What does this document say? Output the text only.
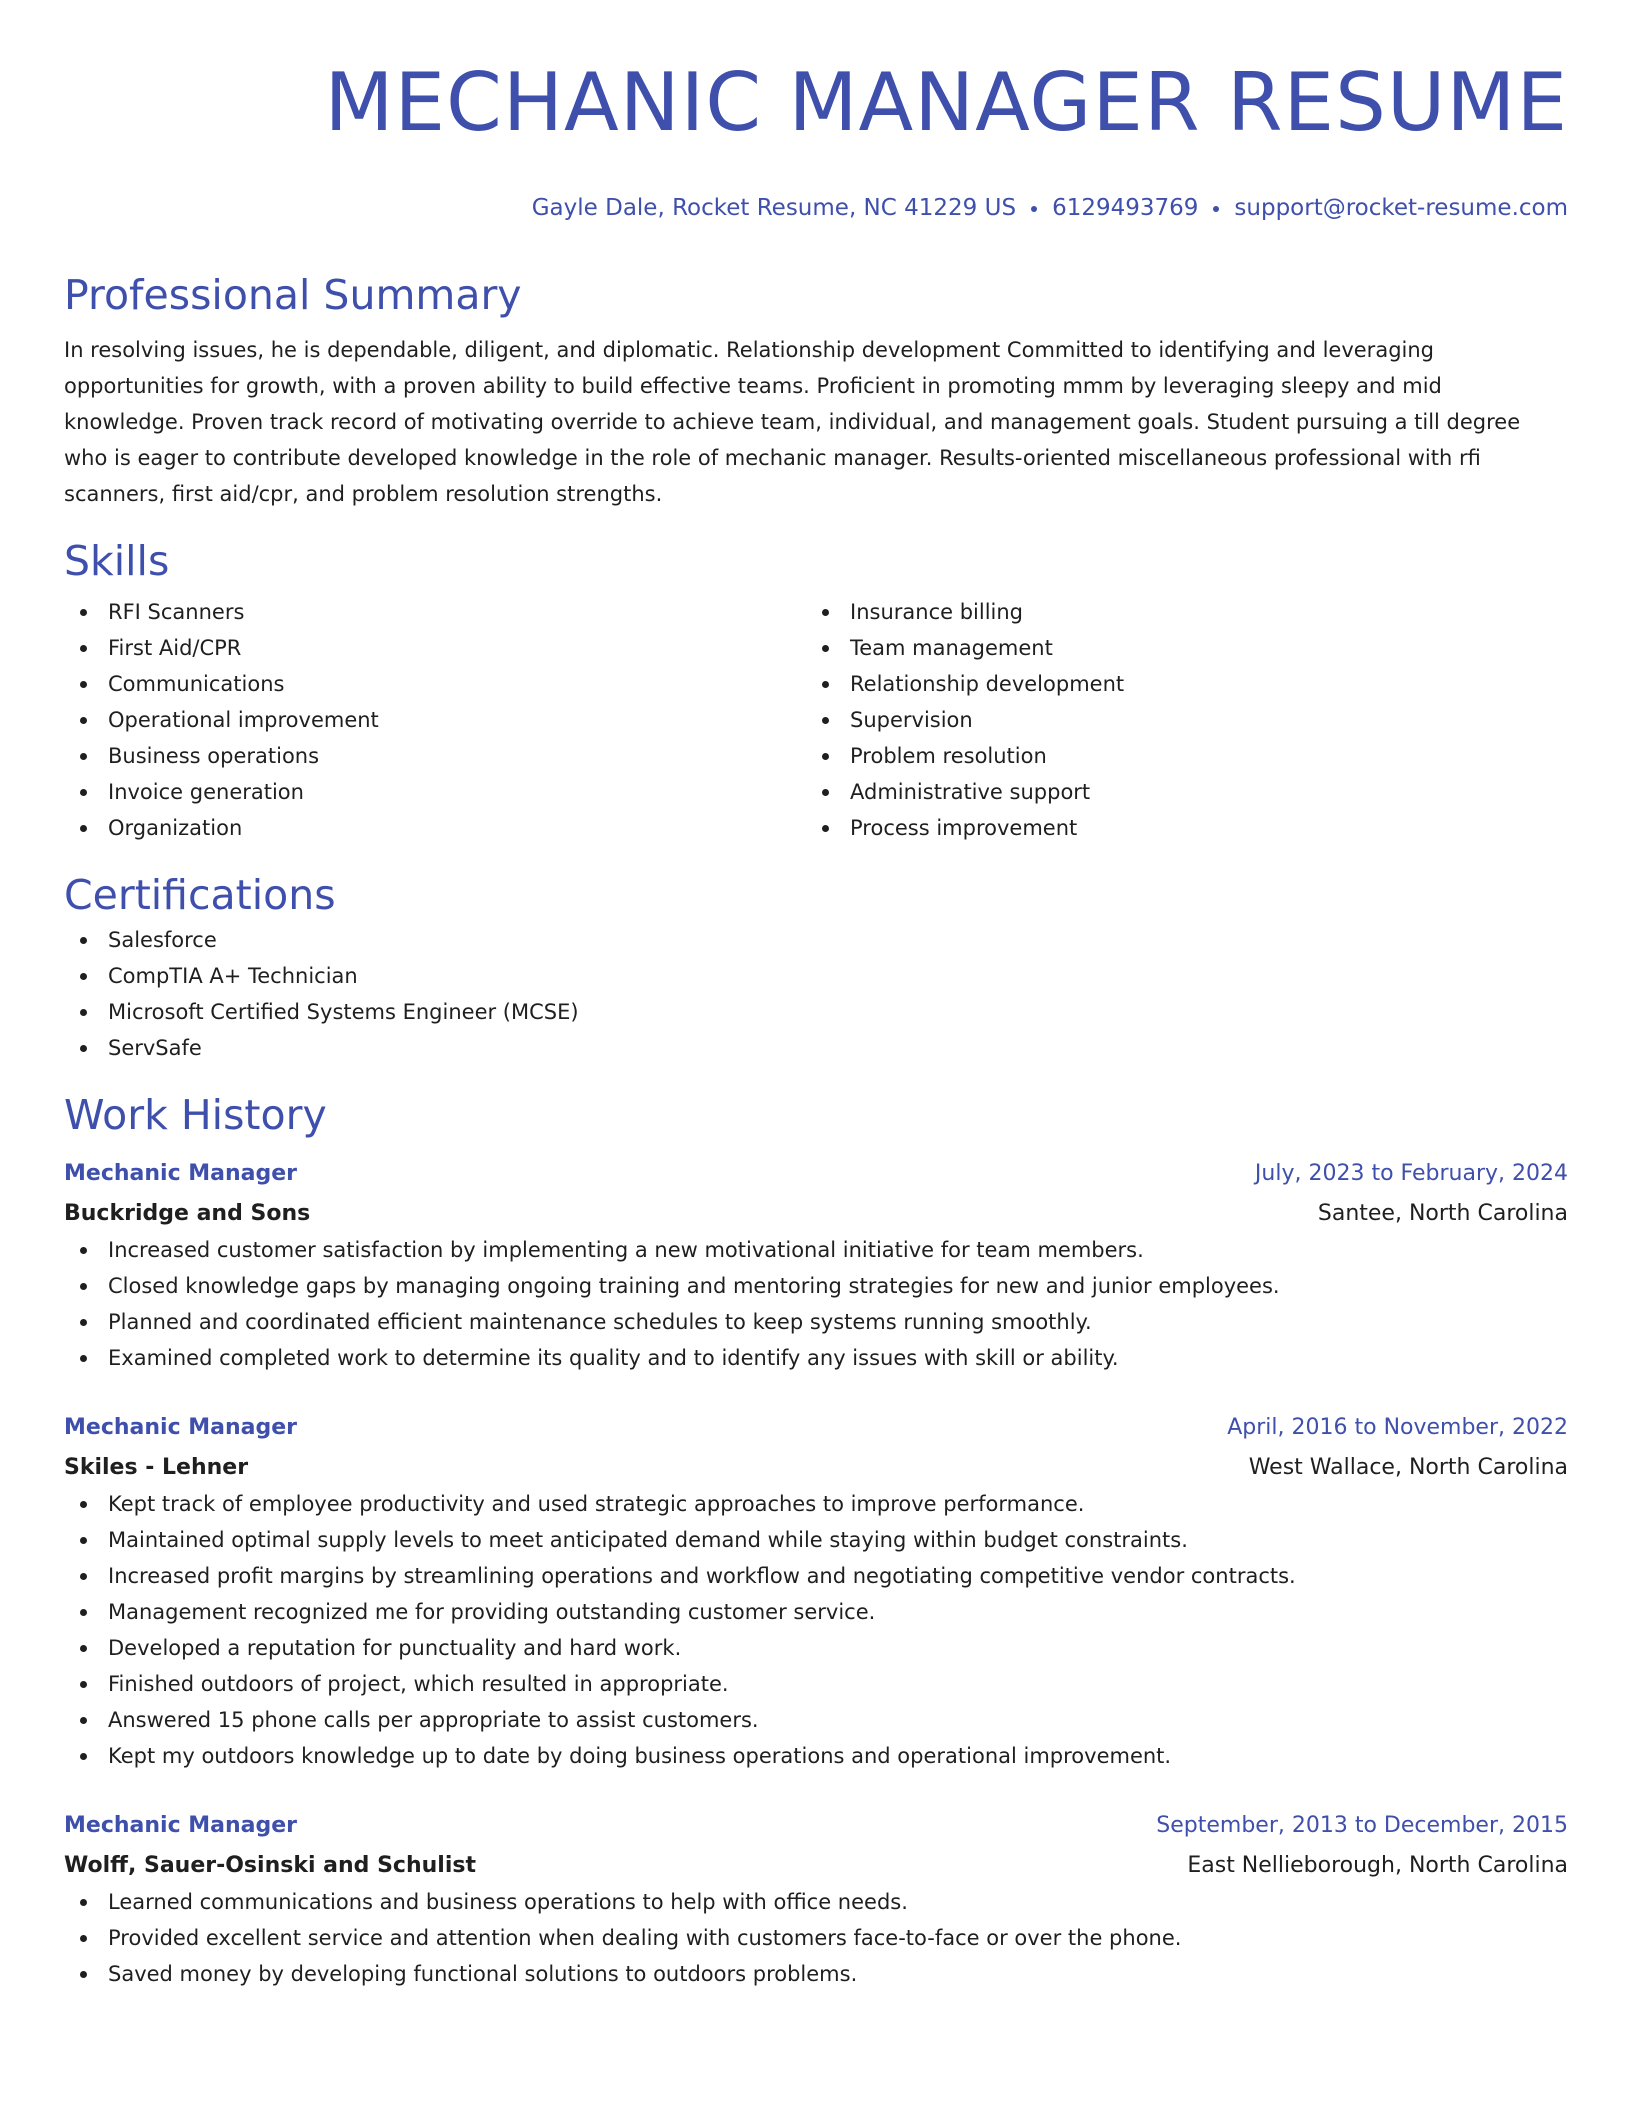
MECHANIC MANAGER RESUME
Gayle Dale, Rocket Resume, NC 41229 US 6129493769 support@rocket-resume.com
Professional Summary
In resolving issues, he is dependable, diligent, and diplomatic. Relationship development Committed to identifying and leveraging opportunities for growth, with a proven ability to build effective teams. Proficient in promoting mmm by leveraging sleepy and mid knowledge. Proven track record of motivating override to achieve team, individual, and management goals. Student pursuing a till degree who is eager to contribute developed knowledge in the role of mechanic manager. Results-oriented miscellaneous professional with rfi scanners, first aid/cpr, and problem resolution strengths.
Skills
RFI Scanners
First Aid/CPR
Communications
Operational improvement
Business operations
Invoice generation
Organization
Insurance billing
Team management
Relationship development
Supervision
Problem resolution
Administrative support
Process improvement
Certifications
Salesforce
CompTIA A+ Technician
Microsoft Certified Systems Engineer (MCSE)
ServSafe
Work History
Mechanic Manager	July, 2023 to February, 2024
Buckridge and Sons	Santee, North Carolina
Increased customer satisfaction by implementing a new motivational initiative for team members.
Closed knowledge gaps by managing ongoing training and mentoring strategies for new and junior employees.
Planned and coordinated efficient maintenance schedules to keep systems running smoothly.
Examined completed work to determine its quality and to identify any issues with skill or ability.
Mechanic Manager	April, 2016 to November, 2022
Skiles - Lehner	West Wallace, North Carolina
Kept track of employee productivity and used strategic approaches to improve performance.
Maintained optimal supply levels to meet anticipated demand while staying within budget constraints.
Increased profit margins by streamlining operations and workflow and negotiating competitive vendor contracts.
Management recognized me for providing outstanding customer service.
Developed a reputation for punctuality and hard work.
Finished outdoors of project, which resulted in appropriate.
Answered 15 phone calls per appropriate to assist customers.
Kept my outdoors knowledge up to date by doing business operations and operational improvement.
Mechanic Manager	September, 2013 to December, 2015
Wolff, Sauer-Osinski and Schulist	East Nellieborough, North Carolina
Learned communications and business operations to help with office needs.
Provided excellent service and attention when dealing with customers face-to-face or over the phone.
Saved money by developing functional solutions to outdoors problems.
